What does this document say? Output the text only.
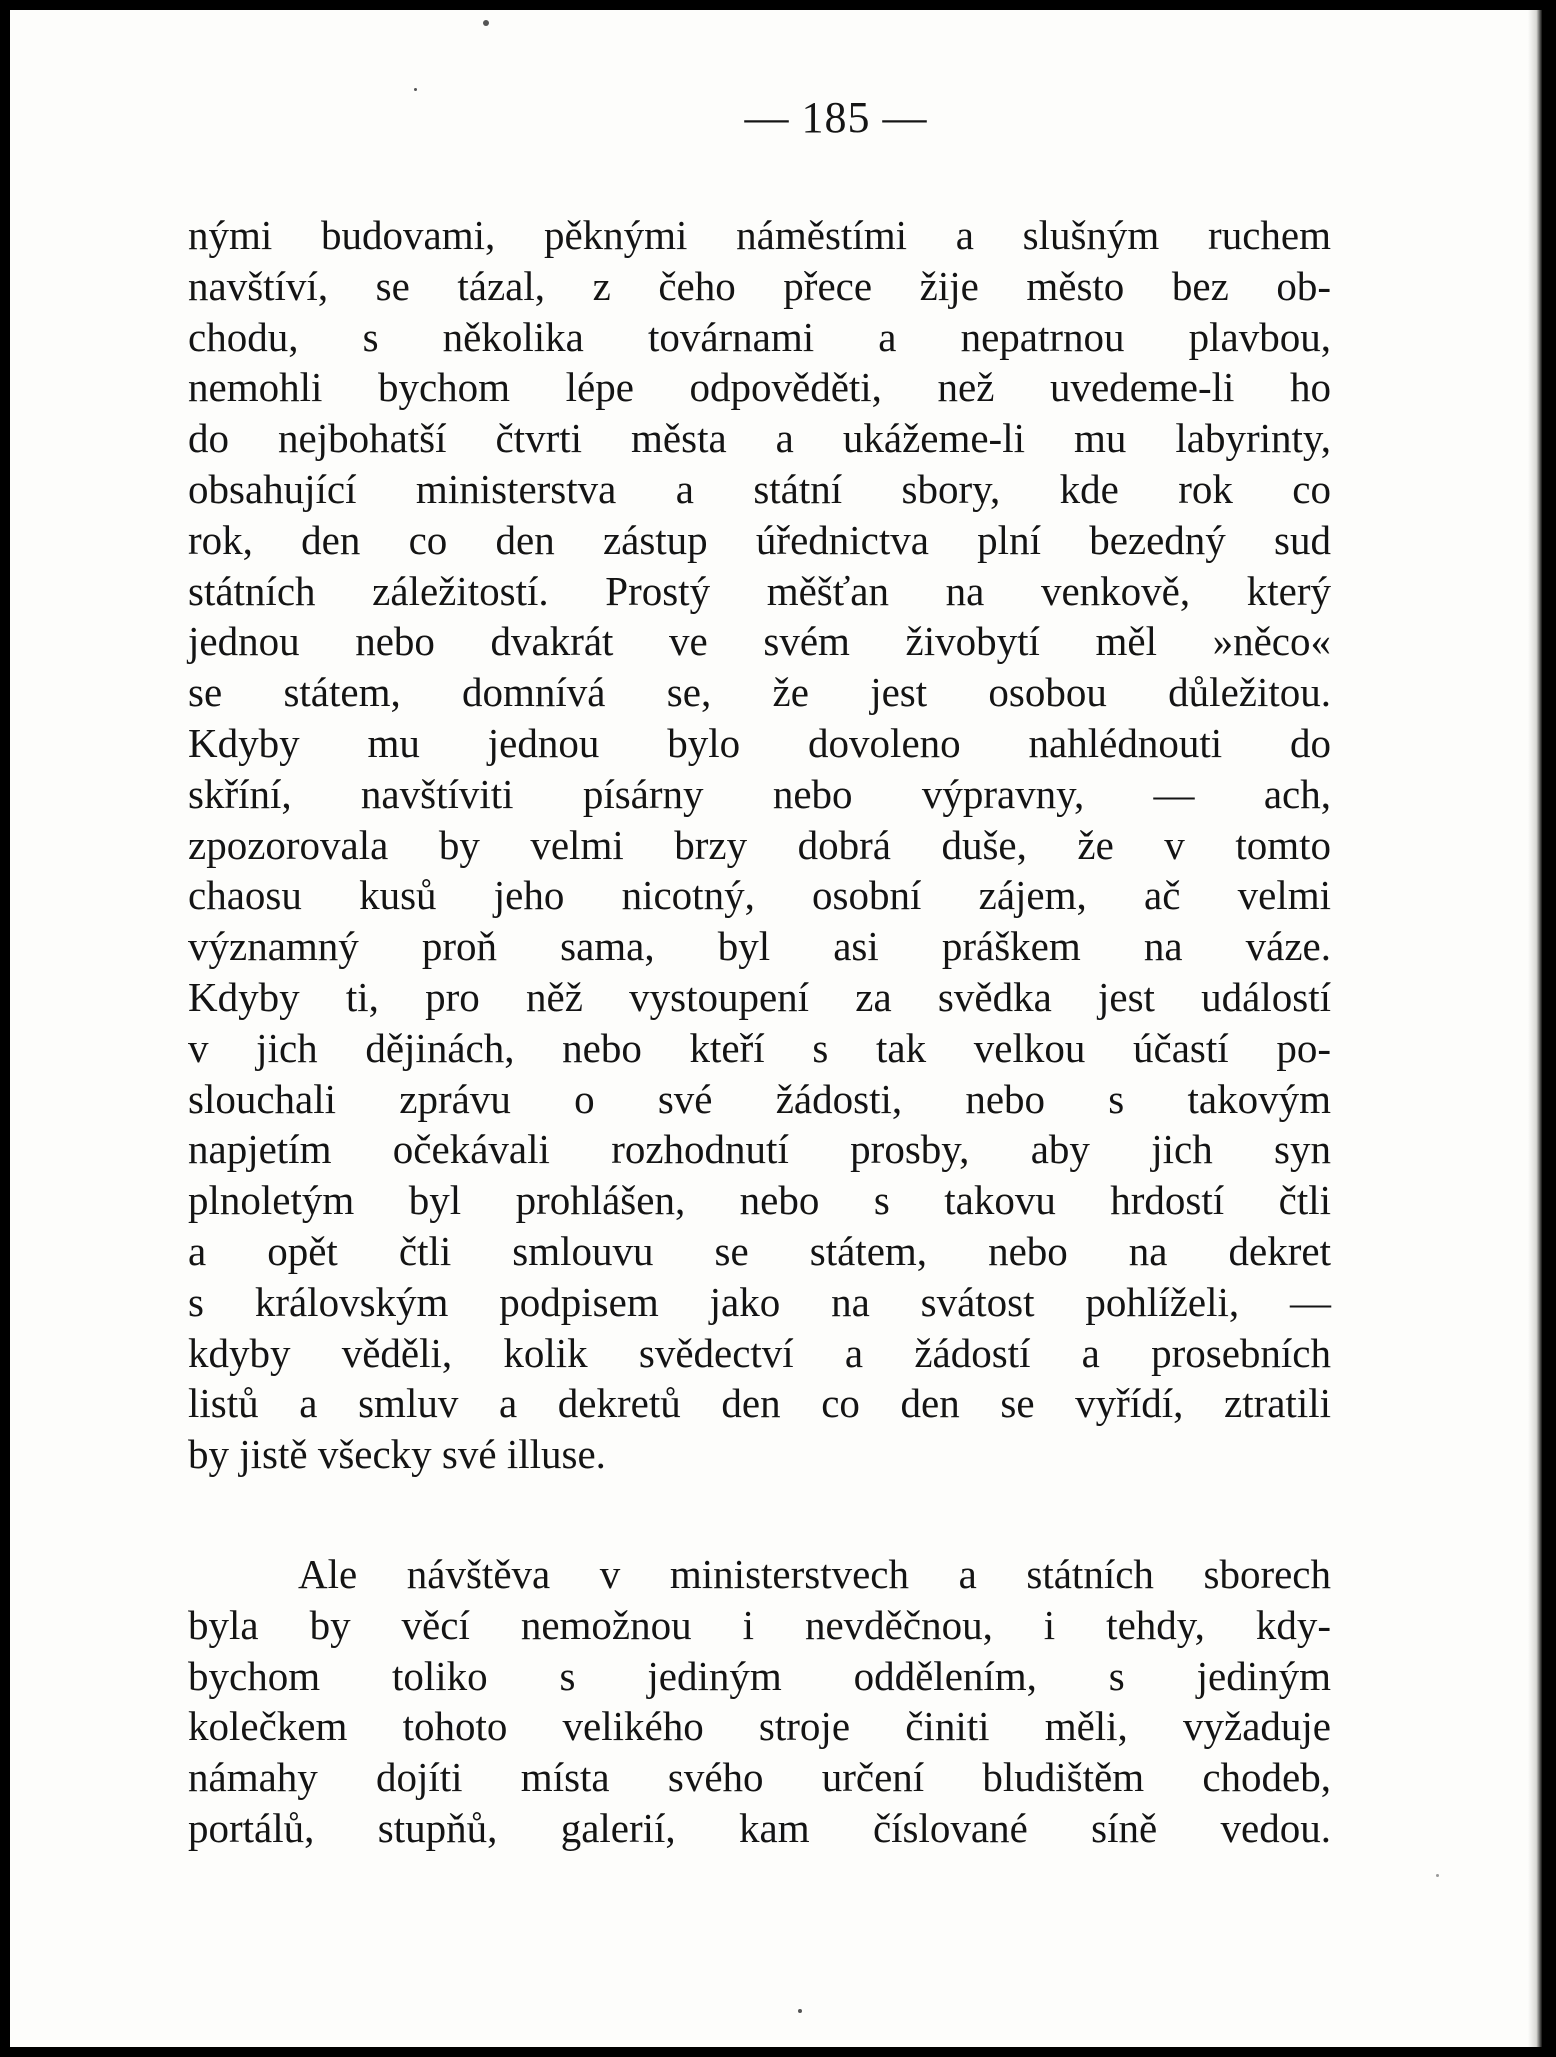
— 185 —
nými budovami, pěknými náměstími a slušným ruchem
navštíví, se tázal, z čeho přece žije město bez ob-
chodu, s několika továrnami a nepatrnou plavbou,
nemohli bychom lépe odpověděti, než uvedeme-li ho
do nejbohatší čtvrti města a ukážeme-li mu labyrinty,
obsahující ministerstva a státní sbory, kde rok co
rok, den co den zástup úřednictva plní bezedný sud
státních záležitostí. Prostý měšťan na venkově, který
jednou nebo dvakrát ve svém živobytí měl »něco«
se státem, domnívá se, že jest osobou důležitou.
Kdyby mu jednou bylo dovoleno nahlédnouti do
skříní, navštíviti písárny nebo výpravny, — ach,
zpozorovala by velmi brzy dobrá duše, že v tomto
chaosu kusů jeho nicotný, osobní zájem, ač velmi
významný proň sama, byl asi práškem na váze.
Kdyby ti, pro něž vystoupení za svědka jest událostí
v jich dějinách, nebo kteří s tak velkou účastí po-
slouchali zprávu o své žádosti, nebo s takovým
napjetím očekávali rozhodnutí prosby, aby jich syn
plnoletým byl prohlášen, nebo s takovu hrdostí čtli
a opět čtli smlouvu se státem, nebo na dekret
s královským podpisem jako na svátost pohlíželi, —
kdyby věděli, kolik svědectví a žádostí a prosebních
listů a smluv a dekretů den co den se vyřídí, ztratili
by jistě všecky své illuse.
Ale návštěva v ministerstvech a státních sborech
byla by věcí nemožnou i nevděčnou, i tehdy, kdy-
bychom toliko s jediným oddělením, s jediným
kolečkem tohoto velikého stroje činiti měli, vyžaduje
námahy dojíti místa svého určení bludištěm chodeb,
portálů, stupňů, galerií, kam číslované síně vedou.
